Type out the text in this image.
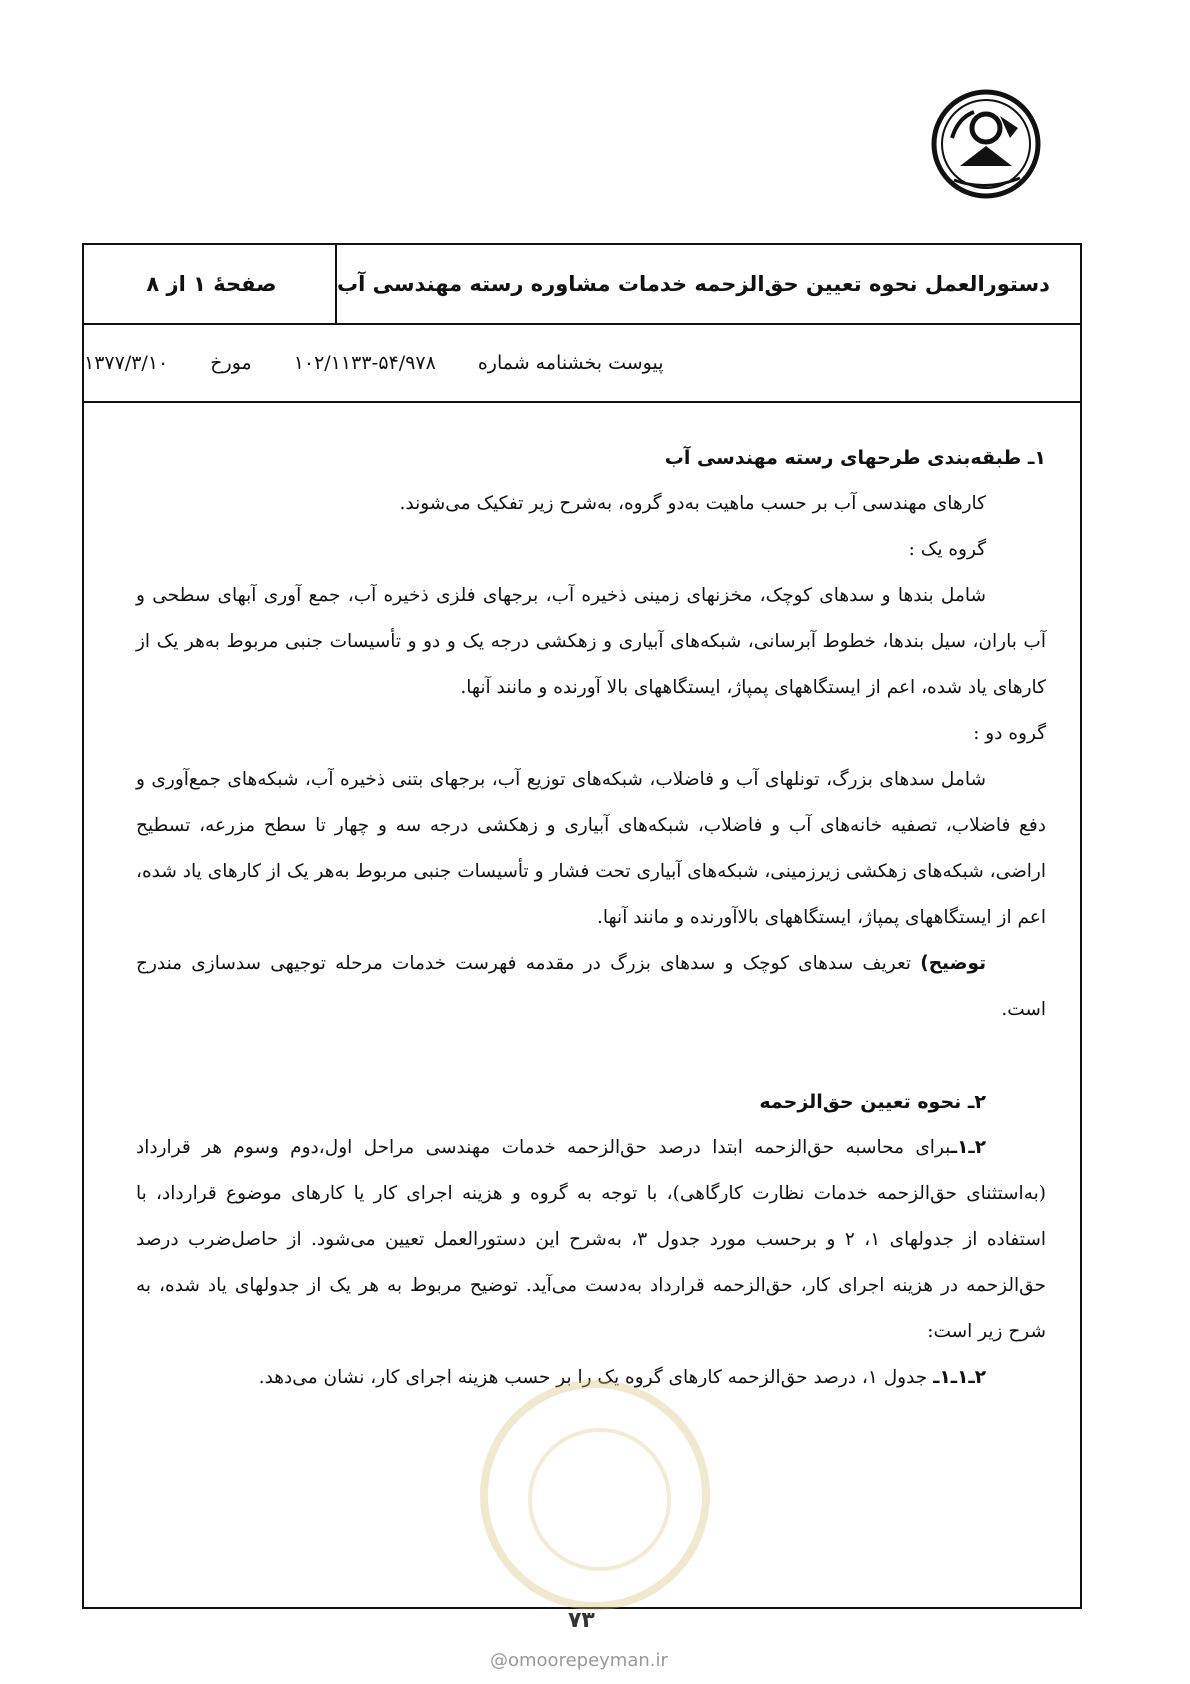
دستورالعمل نحوه تعیین حق‌الزحمه خدمات مشاوره رسته مهندسی آب
صفحهٔ ۱ از ۸
پیوست بخشنامه شماره
۱۰۲/۱۱۳۳-۵۴/۹۷۸
مورخ
۱۳۷۷/۳/۱۰

۱ـ طبقه‌بندی طرحهای رسته مهندسی آب

کارهای مهندسی آب بر حسب ماهیت به‌دو گروه، به‌شرح زیر تفکیک می‌شوند.

گروه یک :

شامل بندها و سدهای کوچک، مخزنهای زمینی ذخیره آب، برجهای فلزی ذخیره آب، جمع آوری آبهای سطحی و آب باران، سیل بندها، خطوط آبرسانی، شبکه‌های آبیاری و زهکشی درجه یک و دو و تأسیسات جنبی مربوط به‌هر یک از کارهای یاد شده، اعم از ایستگاههای پمپاژ، ایستگاههای بالا آورنده و مانند آنها.

گروه دو :

شامل سدهای بزرگ، تونلهای آب و فاضلاب، شبکه‌های توزیع آب، برجهای بتنی ذخیره آب، شبکه‌های جمع‌آوری و دفع فاضلاب، تصفیه خانه‌های آب و فاضلاب، شبکه‌های آبیاری و زهکشی درجه سه و چهار تا سطح مزرعه، تسطیح اراضی، شبکه‌های زهکشی زیرزمینی، شبکه‌های آبیاری تحت فشار و تأسیسات جنبی مربوط به‌هر یک از کارهای یاد شده، اعم از ایستگاههای پمپاژ، ایستگاههای بالاآورنده و مانند آنها.

توضیح) تعریف سدهای کوچک و سدهای بزرگ در مقدمه فهرست خدمات مرحله توجیهی سدسازی مندرج است.

۲ـ نحوه تعیین حق‌الزحمه

۲ـ۱ـبرای محاسبه حق‌الزحمه ابتدا درصد حق‌الزحمه خدمات مهندسی مراحل اول،دوم وسوم هر قرارداد (به‌استثنای حق‌الزحمه خدمات نظارت کارگاهی)، با توجه به گروه و هزینه اجرای کار یا کارهای موضوع قرارداد، با استفاده از جدولهای ۱، ۲ و برحسب مورد جدول ۳، به‌شرح این دستورالعمل تعیین می‌شود. از حاصل‌ضرب درصد حق‌الزحمه در هزینه اجرای کار، حق‌الزحمه قرارداد به‌دست می‌آید. توضیح مربوط به هر یک از جدولهای یاد شده، به شرح زیر است:

۲ـ۱ـ۱ـ جدول ۱، درصد حق‌الزحمه کارهای گروه یک را بر حسب هزینه اجرای کار، نشان می‌دهد.

۷۳
@omoorepeyman.ir
